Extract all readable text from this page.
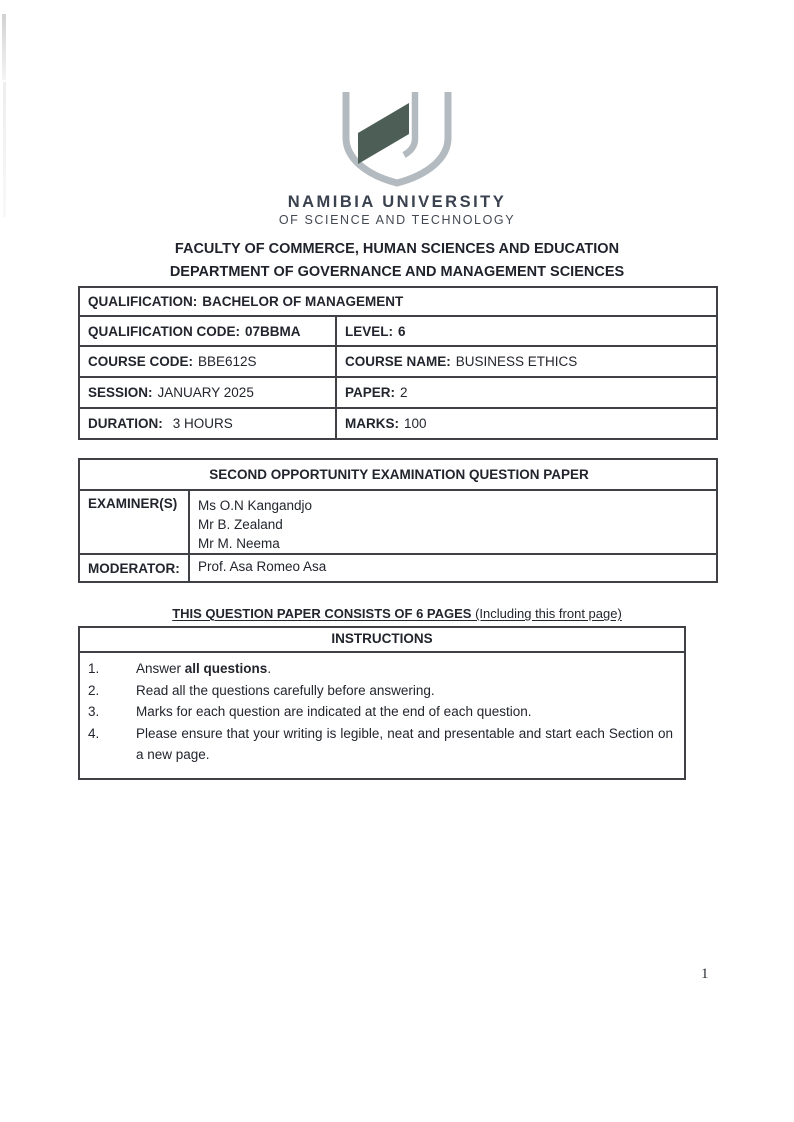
NAMIBIA UNIVERSITY
OF SCIENCE AND TECHNOLOGY
FACULTY OF COMMERCE, HUMAN SCIENCES AND EDUCATION
DEPARTMENT OF GOVERNANCE AND MANAGEMENT SCIENCES
QUALIFICATION: BACHELOR OF MANAGEMENT	
QUALIFICATION CODE: 07BBMA	LEVEL: 6
COURSE CODE: BBE612S	COURSE NAME: BUSINESS ETHICS
SESSION: JANUARY 2025	PAPER: 2
DURATION: 3 HOURS	MARKS: 100
SECOND OPPORTUNITY EXAMINATION QUESTION PAPER	
EXAMINER(S)	Ms O.N Kangandjo
Mr B. Zealand
Mr M. Neema

MODERATOR:	Prof. Asa Romeo Asa
THIS QUESTION PAPER CONSISTS OF 6 PAGES (Including this front page)
INSTRUCTIONS
1.	Answer all questions.
2.	Read all the questions carefully before answering.
3.	Marks for each question are indicated at the end of each question.
4.	Please ensure that your writing is legible, neat and presentable and start each Section on a new page.
1
